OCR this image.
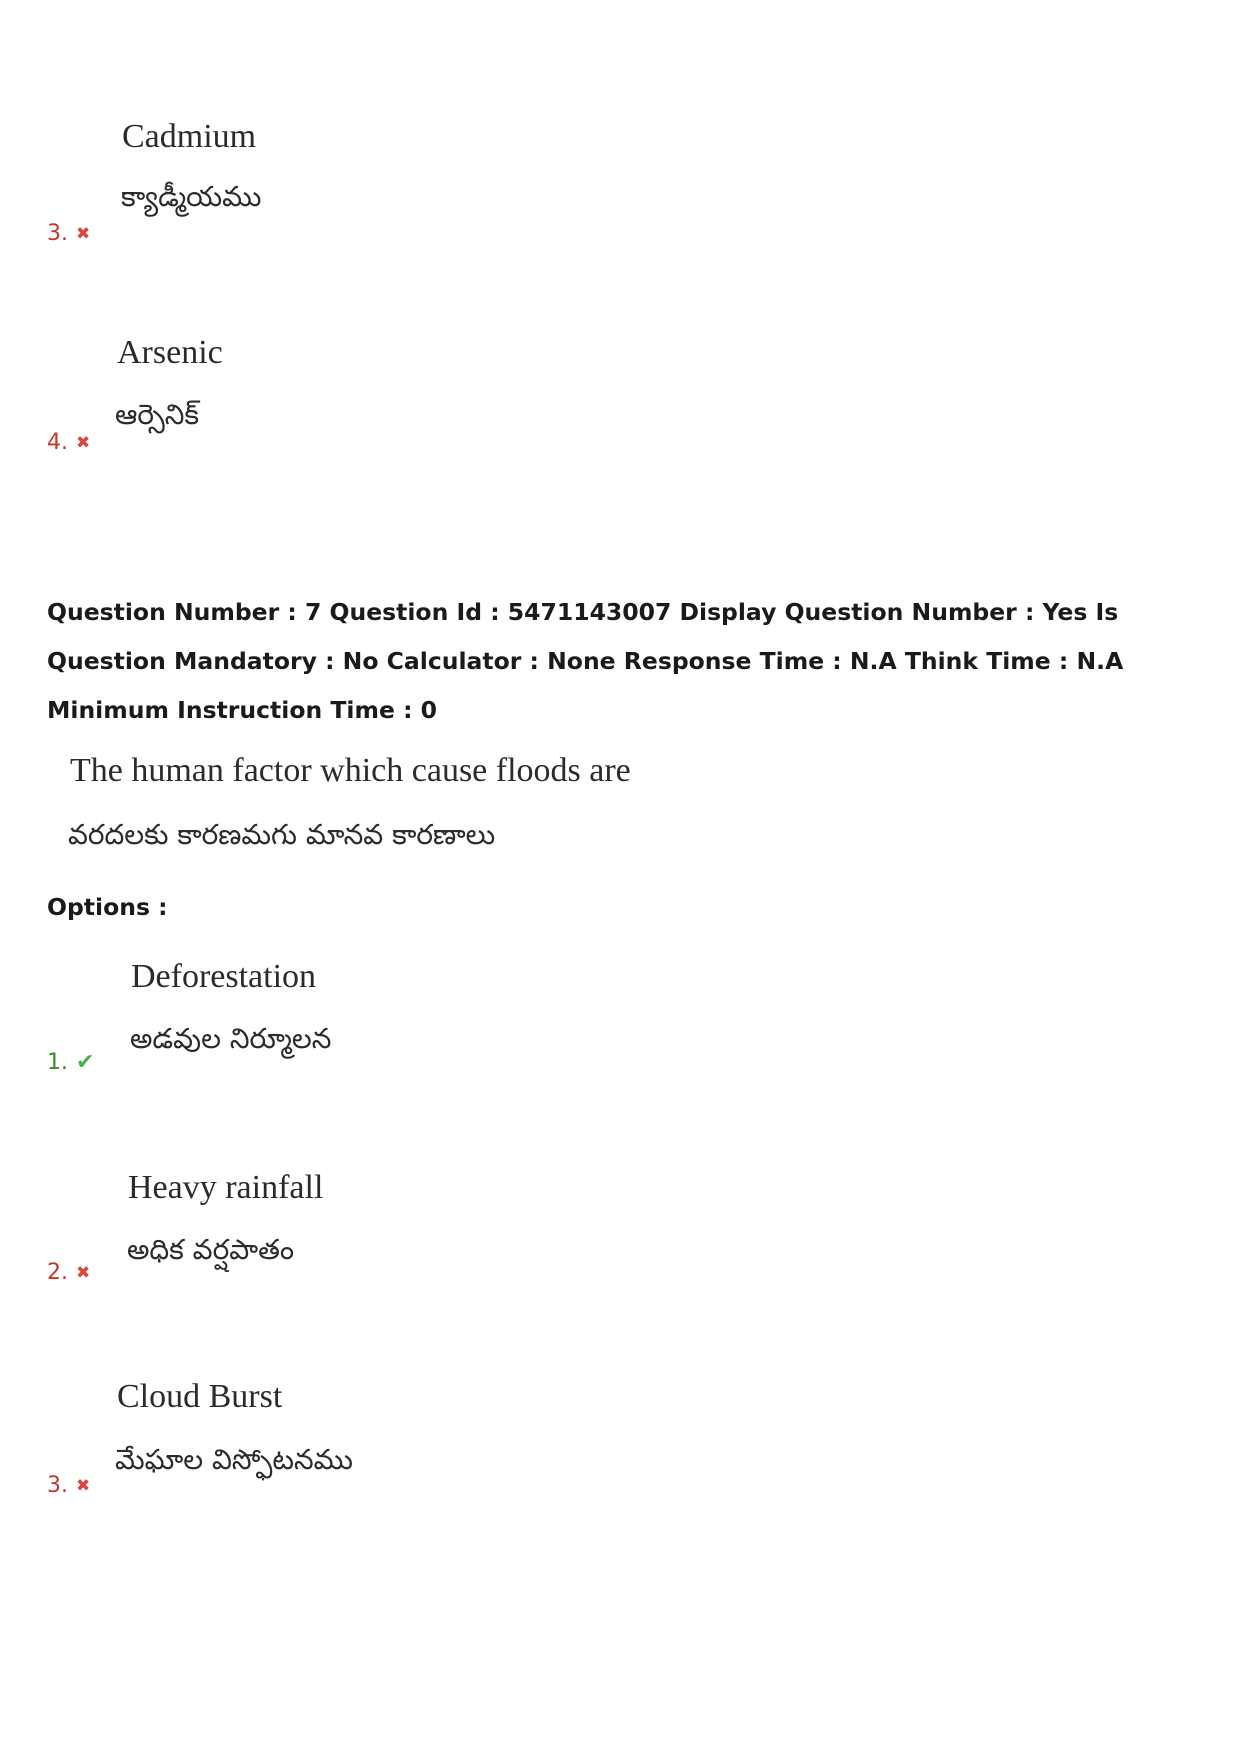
Cadmium
క్యాడ్మీయము
3. ✖
Arsenic
ఆర్సెనిక్
4. ✖
Question Number : 7 Question Id : 5471143007 Display Question Number : Yes Is Question Mandatory : No Calculator : None Response Time : N.A Think Time : N.A Minimum Instruction Time : 0
The human factor which cause floods are
వరదలకు కారణమగు మానవ కారణాలు
Options :
Deforestation
అడవుల నిర్మూలన
1. ✔
Heavy rainfall
అధిక వర్షపాతం
2. ✖
Cloud Burst
మేఘాల విస్ఫోటనము
3. ✖
